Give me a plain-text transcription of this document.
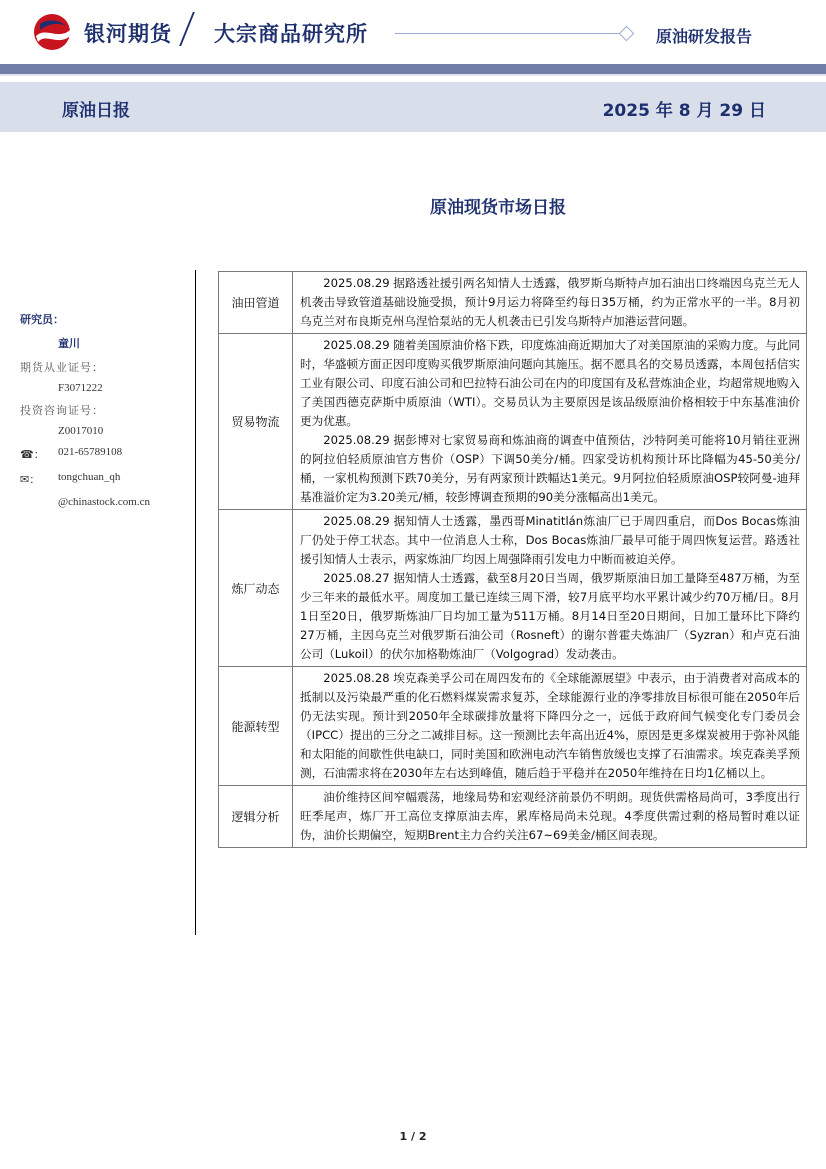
银河期货 大宗商品研究所	原油研发报告
原油日报	2025 年 8 月 29 日
原油现货市场日报
研究员：
童川
期货从业证号：
F3071222
投资咨询证号：
Z0017010
☎：	021-65789108
✉：	tongchuan_qh
@chinastock.com.cn
油田管道	2025.08.29 据路透社援引两名知情人士透露，俄罗斯乌斯特卢加石油出口终端因乌克兰无人机袭击导致管道基础设施受损，预计9月运力将降至约每日35万桶，约为正常水平的一半。8月初乌克兰对布良斯克州乌涅恰泵站的无人机袭击已引发乌斯特卢加港运营问题。

贸易物流	2025.08.29 随着美国原油价格下跌，印度炼油商近期加大了对美国原油的采购力度。与此同时，华盛顿方面正因印度购买俄罗斯原油问题向其施压。据不愿具名的交易员透露，本周包括信实工业有限公司、印度石油公司和巴拉特石油公司在内的印度国有及私营炼油企业，均超常规地购入了美国西德克萨斯中质原油（WTI）。交易员认为主要原因是该品级原油价格相较于中东基准油价更为优惠。

2025.08.29 据彭博对七家贸易商和炼油商的调查中值预估，沙特阿美可能将10月销往亚洲的阿拉伯轻质原油官方售价（OSP）下调50美分/桶。四家受访机构预计环比降幅为45-50美分/桶，一家机构预测下跌70美分，另有两家预计跌幅达1美元。9月阿拉伯轻质原油OSP较阿曼-迪拜基准溢价定为3.20美元/桶，较彭博调查预期的90美分涨幅高出1美元。

炼厂动态	2025.08.29 据知情人士透露，墨西哥Minatitlán炼油厂已于周四重启，而Dos Bocas炼油厂仍处于停工状态。其中一位消息人士称，Dos Bocas炼油厂最早可能于周四恢复运营。路透社援引知情人士表示，两家炼油厂均因上周强降雨引发电力中断而被迫关停。

2025.08.27 据知情人士透露，截至8月20日当周，俄罗斯原油日加工量降至487万桶，为至少三年来的最低水平。周度加工量已连续三周下滑，较7月底平均水平累计减少约70万桶/日。8月1日至20日，俄罗斯炼油厂日均加工量为511万桶。8月14日至20日期间，日加工量环比下降约27万桶，主因乌克兰对俄罗斯石油公司（Rosneft）的谢尔普霍夫炼油厂（Syzran）和卢克石油公司（Lukoil）的伏尔加格勒炼油厂（Volgograd）发动袭击。

能源转型	2025.08.28 埃克森美孚公司在周四发布的《全球能源展望》中表示，由于消费者对高成本的抵制以及污染最严重的化石燃料煤炭需求复苏，全球能源行业的净零排放目标很可能在2050年后仍无法实现。预计到2050年全球碳排放量将下降四分之一，远低于政府间气候变化专门委员会（IPCC）提出的三分之二减排目标。这一预测比去年高出近4%，原因是更多煤炭被用于弥补风能和太阳能的间歇性供电缺口，同时美国和欧洲电动汽车销售放缓也支撑了石油需求。埃克森美孚预测，石油需求将在2030年左右达到峰值，随后趋于平稳并在2050年维持在日均1亿桶以上。

逻辑分析	油价维持区间窄幅震荡，地缘局势和宏观经济前景仍不明朗。现货供需格局尚可，3季度出行旺季尾声，炼厂开工高位支撑原油去库，累库格局尚未兑现。4季度供需过剩的格局暂时难以证伪，油价长期偏空，短期Brent主力合约关注67~69美金/桶区间表现。

1 / 2
